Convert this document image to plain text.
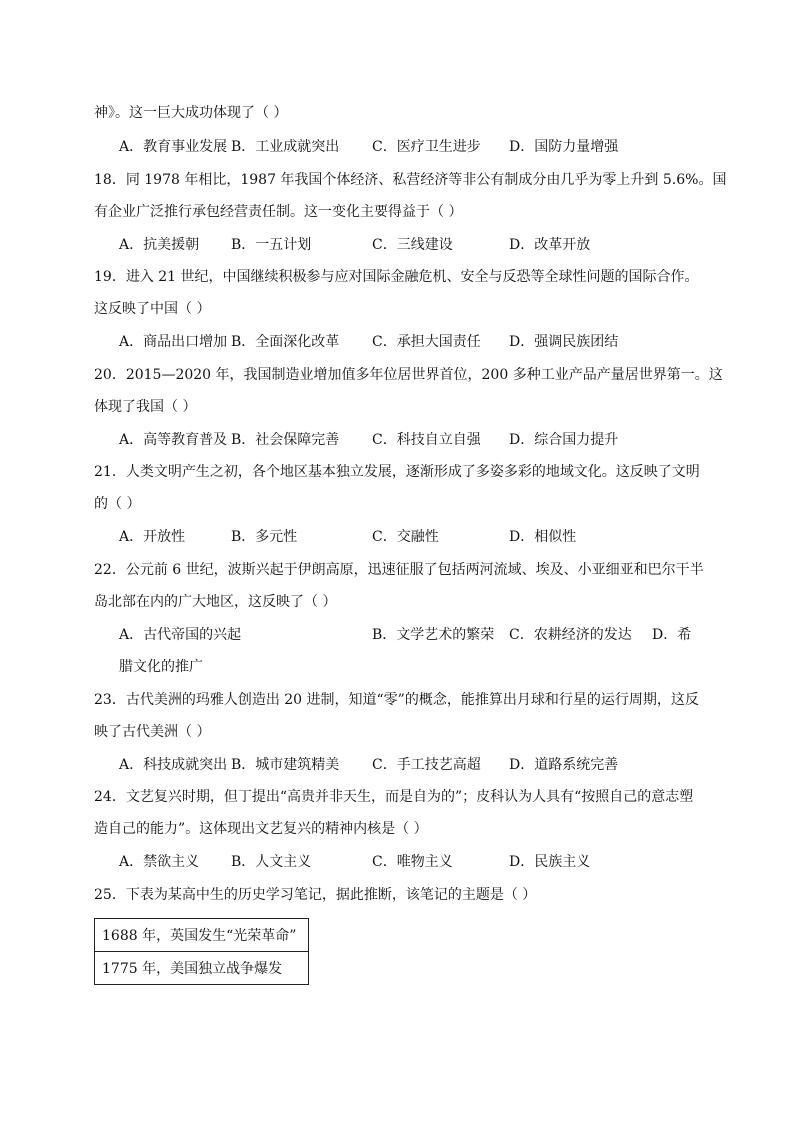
神》。这一巨大成功体现了（ ）
A．教育事业发展 B．工业成就突出 C．医疗卫生进步 D．国防力量增强
18．同 1978 年相比，1987 年我国个体经济、私营经济等非公有制成分由几乎为零上升到 5.6%。国
有企业广泛推行承包经营责任制。这一变化主要得益于（ ）
A．抗美援朝 B．一五计划	C．三线建设	D．改革开放
19．进入 21 世纪，中国继续积极参与应对国际金融危机、安全与反恐等全球性问题的国际合作。
这反映了中国（ ）
A．商品出口增加 B．全面深化改革 C．承担大国责任 D．强调民族团结
20．2015—2020 年，我国制造业增加值多年位居世界首位，200 多种工业产品产量居世界第一。这
体现了我国（ ）
A．高等教育普及 B．社会保障完善 C．科技自立自强 D．综合国力提升
21．人类文明产生之初，各个地区基本独立发展，逐渐形成了多姿多彩的地域文化。这反映了文明
的（ ）
A．开放性	B．多元性	C．交融性	D．相似性
22．公元前 6 世纪，波斯兴起于伊朗高原，迅速征服了包括两河流域、埃及、小亚细亚和巴尔干半
岛北部在内的广大地区，这反映了（ ）
A．古代帝国的兴起	B．文学艺术的繁荣 C．农耕经济的发达 D．希
腊文化的推广
23．古代美洲的玛雅人创造出 20 进制，知道“零”的概念，能推算出月球和行星的运行周期，这反
映了古代美洲（ ）
A．科技成就突出 B．城市建筑精美 C．手工技艺高超 D．道路系统完善
24．文艺复兴时期，但丁提出“高贵并非天生，而是自为的”；皮科认为人具有“按照自己的意志塑
造自己的能力”。这体现出文艺复兴的精神内核是（ ）
A．禁欲主义 B．人文主义	C．唯物主义	D．民族主义
25．下表为某高中生的历史学习笔记，据此推断，该笔记的主题是（ ）
1688 年，英国发生“光荣革命”
1775 年，美国独立战争爆发
